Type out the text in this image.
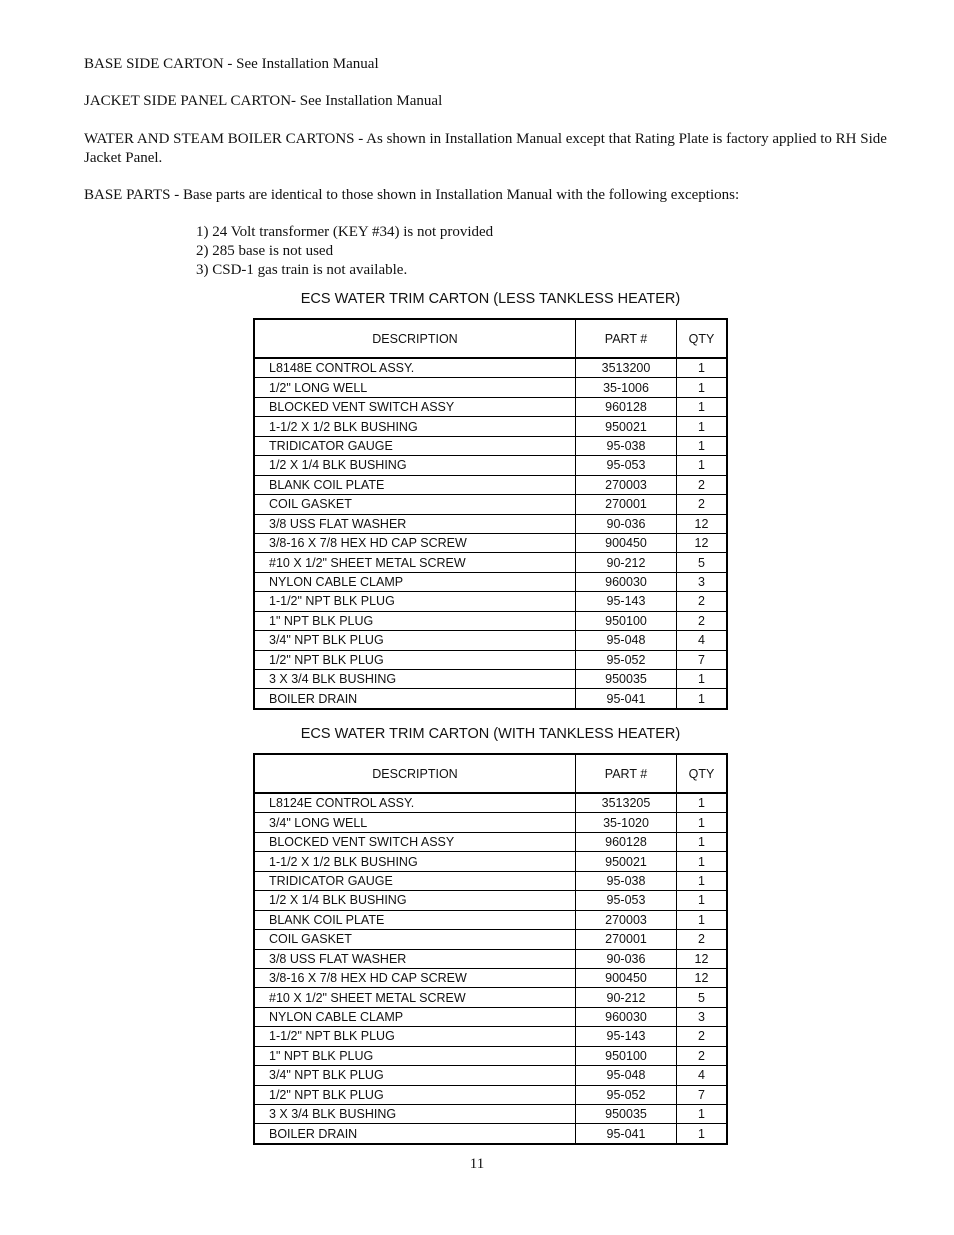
BASE SIDE CARTON - See Installation Manual
JACKET SIDE PANEL CARTON- See Installation Manual
WATER AND STEAM BOILER CARTONS - As shown in Installation Manual except that Rating Plate is factory applied to RH Side Jacket Panel.
BASE PARTS - Base parts are identical to those shown in Installation Manual with the following exceptions:
1) 24 Volt transformer (KEY #34) is not provided
2) 285 base is not used
3) CSD-1 gas train is not available.
ECS WATER TRIM CARTON (LESS TANKLESS HEATER)
DESCRIPTION	PART #	QTY
L8148E CONTROL ASSY.	3513200	1
1/2" LONG WELL	35-1006	1
BLOCKED VENT SWITCH ASSY	960128	1
1-1/2 X 1/2 BLK BUSHING	950021	1
TRIDICATOR GAUGE	95-038	1
1/2 X 1/4 BLK BUSHING	95-053	1
BLANK COIL PLATE	270003	2
COIL GASKET	270001	2
3/8 USS FLAT WASHER	90-036	12
3/8-16 X 7/8 HEX HD CAP SCREW	900450	12
#10 X 1/2" SHEET METAL SCREW	90-212	5
NYLON CABLE CLAMP	960030	3
1-1/2" NPT BLK PLUG	95-143	2
1" NPT BLK PLUG	950100	2
3/4" NPT BLK PLUG	95-048	4
1/2" NPT BLK PLUG	95-052	7
3 X 3/4 BLK BUSHING	950035	1
BOILER DRAIN	95-041	1
ECS WATER TRIM CARTON (WITH TANKLESS HEATER)
DESCRIPTION	PART #	QTY
L8124E CONTROL ASSY.	3513205	1
3/4" LONG WELL	35-1020	1
BLOCKED VENT SWITCH ASSY	960128	1
1-1/2 X 1/2 BLK BUSHING	950021	1
TRIDICATOR GAUGE	95-038	1
1/2 X 1/4 BLK BUSHING	95-053	1
BLANK COIL PLATE	270003	1
COIL GASKET	270001	2
3/8 USS FLAT WASHER	90-036	12
3/8-16 X 7/8 HEX HD CAP SCREW	900450	12
#10 X 1/2" SHEET METAL SCREW	90-212	5
NYLON CABLE CLAMP	960030	3
1-1/2" NPT BLK PLUG	95-143	2
1" NPT BLK PLUG	950100	2
3/4" NPT BLK PLUG	95-048	4
1/2" NPT BLK PLUG	95-052	7
3 X 3/4 BLK BUSHING	950035	1
BOILER DRAIN	95-041	1
11
